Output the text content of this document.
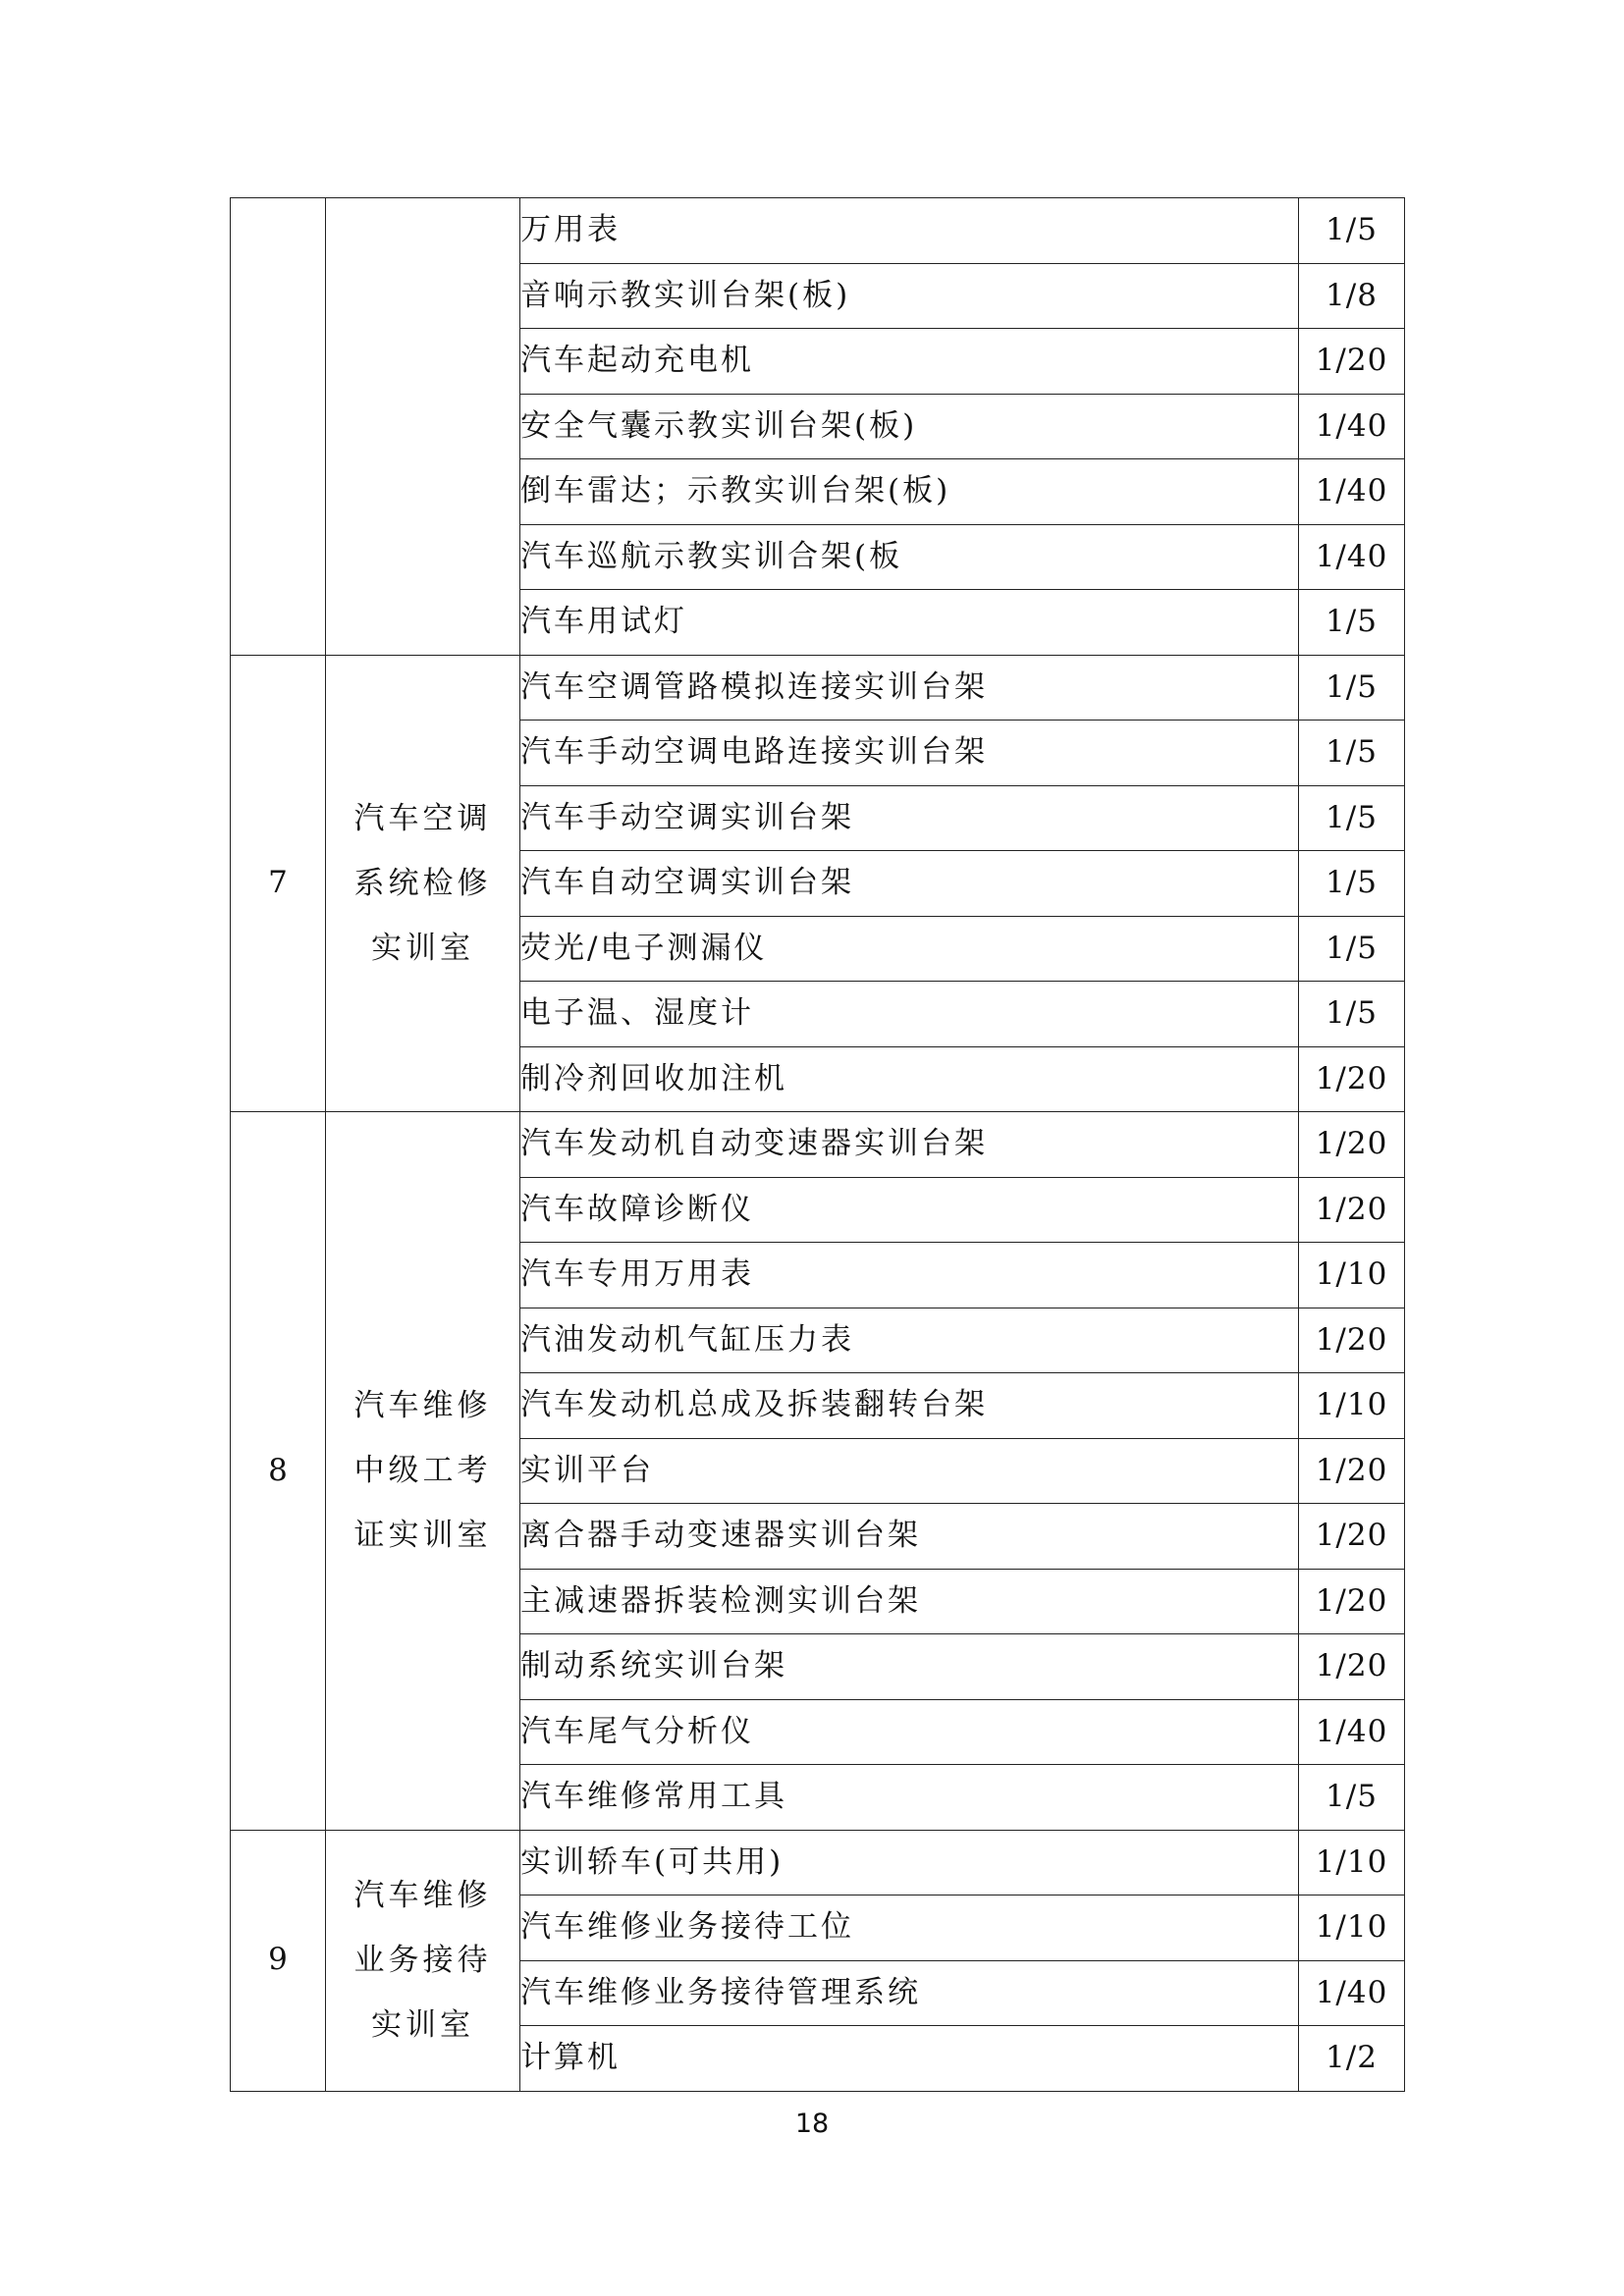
		万用表	1/5
		音响示教实训台架(板)	1/8
		汽车起动充电机	1/20
		安全气囊示教实训台架(板)	1/40
		倒车雷达；示教实训台架(板)	1/40
		汽车巡航示教实训合架(板	1/40
		汽车用试灯	1/5
7	汽车空调系统检修实训室	汽车空调管路模拟连接实训台架	1/5
		汽车手动空调电路连接实训台架	1/5
		汽车手动空调实训台架	1/5
		汽车自动空调实训台架	1/5
		荧光/电子测漏仪	1/5
		电子温、湿度计	1/5
		制冷剂回收加注机	1/20
8	汽车维修中级工考证实训室	汽车发动机自动变速器实训台架	1/20
		汽车故障诊断仪	1/20
		汽车专用万用表	1/10
		汽油发动机气缸压力表	1/20
		汽车发动机总成及拆装翻转台架	1/10
		实训平台	1/20
		离合器手动变速器实训台架	1/20
		主减速器拆装检测实训台架	1/20
		制动系统实训台架	1/20
		汽车尾气分析仪	1/40
		汽车维修常用工具	1/5
9	汽车维修业务接待实训室	实训轿车(可共用)	1/10
		汽车维修业务接待工位	1/10
		汽车维修业务接待管理系统	1/40
		计算机	1/2
18
